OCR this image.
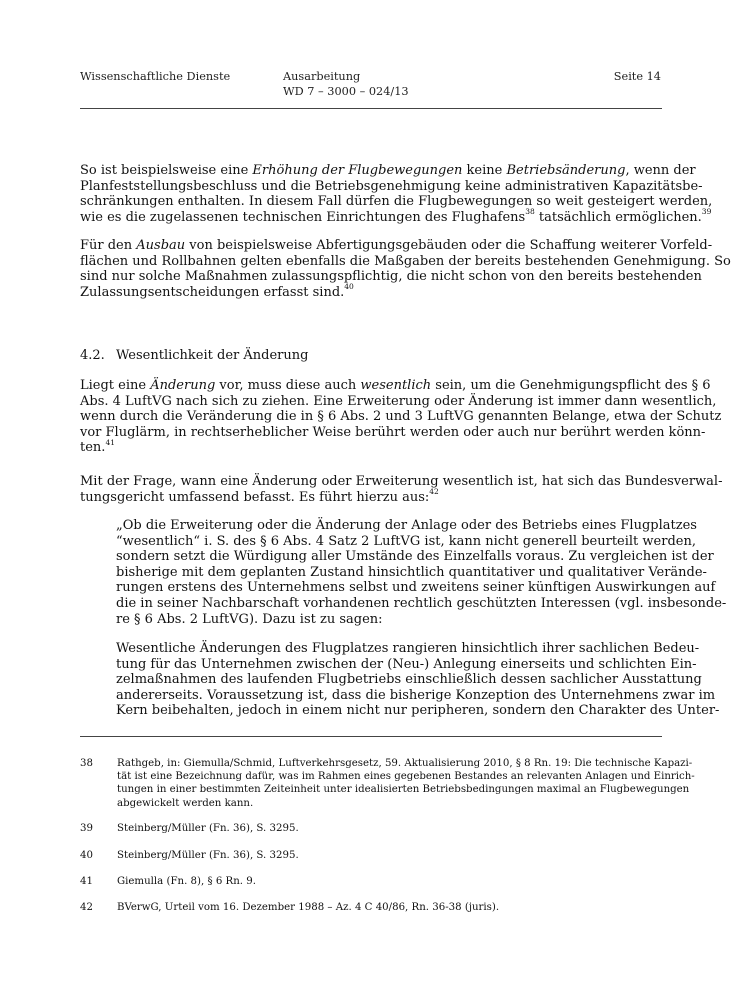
Wissenschaftliche Dienste	Ausarbeitung
WD 7 – 3000 – 024/13
Seite 14

So ist beispielsweise eine Erhöhung der Flugbewegungen keine Betriebsänderung, wenn der
Planfeststellungsbeschluss und die Betriebsgenehmigung keine administrativen Kapazitätsbe-
schränkungen enthalten. In diesem Fall dürfen die Flugbewegungen so weit gesteigert werden,
wie es die zugelassenen technischen Einrichtungen des Flughafens$^{38}$ tatsächlich ermöglichen.$^{39}$

Für den Ausbau von beispielsweise Abfertigungsgebäuden oder die Schaffung weiterer Vorfeld-
flächen und Rollbahnen gelten ebenfalls die Maßgaben der bereits bestehenden Genehmigung. So
sind nur solche Maßnahmen zulassungspflichtig, die nicht schon von den bereits bestehenden
Zulassungsentscheidungen erfasst sind.$^{40}$

4.2. Wesentlichkeit der Änderung

Liegt eine Änderung vor, muss diese auch wesentlich sein, um die Genehmigungspflicht des § 6
Abs. 4 LuftVG nach sich zu ziehen. Eine Erweiterung oder Änderung ist immer dann wesentlich,
wenn durch die Veränderung die in § 6 Abs. 2 und 3 LuftVG genannten Belange, etwa der Schutz
vor Fluglärm, in rechtserheblicher Weise berührt werden oder auch nur berührt werden könn-
ten.$^{41}$

Mit der Frage, wann eine Änderung oder Erweiterung wesentlich ist, hat sich das Bundesverwal-
tungsgericht umfassend befasst. Es führt hierzu aus:$^{42}$

„Ob die Erweiterung oder die Änderung der Anlage oder des Betriebs eines Flugplatzes
“wesentlich“ i. S. des § 6 Abs. 4 Satz 2 LuftVG ist, kann nicht generell beurteilt werden,
sondern setzt die Würdigung aller Umstände des Einzelfalls voraus. Zu vergleichen ist der
bisherige mit dem geplanten Zustand hinsichtlich quantitativer und qualitativer Verände-
rungen erstens des Unternehmens selbst und zweitens seiner künftigen Auswirkungen auf
die in seiner Nachbarschaft vorhandenen rechtlich geschützten Interessen (vgl. insbesonde-
re § 6 Abs. 2 LuftVG). Dazu ist zu sagen:

Wesentliche Änderungen des Flugplatzes rangieren hinsichtlich ihrer sachlichen Bedeu-
tung für das Unternehmen zwischen der (Neu-) Anlegung einerseits und schlichten Ein-
zelmaßnahmen des laufenden Flugbetriebs einschließlich dessen sachlicher Ausstattung
andererseits. Voraussetzung ist, dass die bisherige Konzeption des Unternehmens zwar im
Kern beibehalten, jedoch in einem nicht nur peripheren, sondern den Charakter des Unter-

38 Rathgeb, in: Giemulla/Schmid, Luftverkehrsgesetz, 59. Aktualisierung 2010, § 8 Rn. 19: Die technische Kapazi-
tät ist eine Bezeichnung dafür, was im Rahmen eines gegebenen Bestandes an relevanten Anlagen und Einrich-
tungen in einer bestimmten Zeiteinheit unter idealisierten Betriebsbedingungen maximal an Flugbewegungen
abgewickelt werden kann.
39 Steinberg/Müller (Fn. 36), S. 3295.
40 Steinberg/Müller (Fn. 36), S. 3295.
41 Giemulla (Fn. 8), § 6 Rn. 9.
42 BVerwG, Urteil vom 16. Dezember 1988 – Az. 4 C 40/86, Rn. 36-38 (juris).
